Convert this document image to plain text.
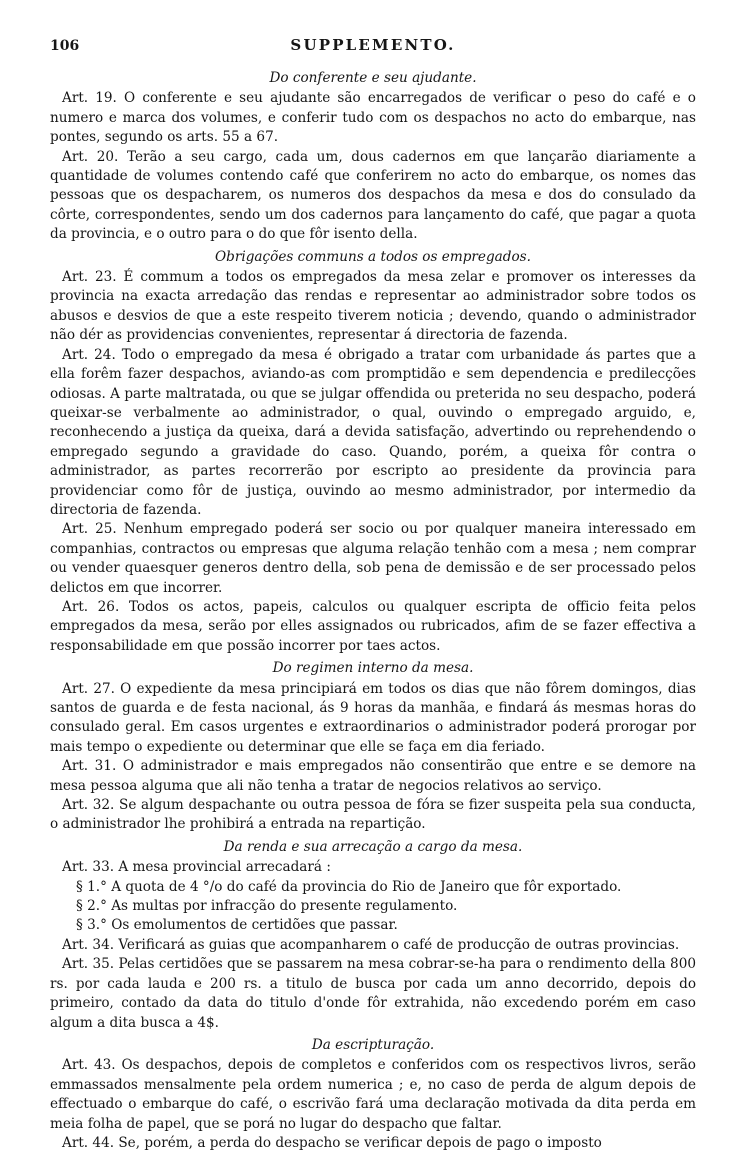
106	SUPPLEMENTO.
Do conferente e seu ajudante.

Art. 19. O conferente e seu ajudante são encarregados de verificar o peso do café e o numero e marca dos volumes, e conferir tudo com os despachos no acto do embarque, nas pontes, segundo os arts. 55 a 67.

Art. 20. Terão a seu cargo, cada um, dous cadernos em que lançarão diariamente a quantidade de volumes contendo café que conferirem no acto do embarque, os nomes das pessoas que os despacharem, os numeros dos despachos da mesa e dos do consulado da côrte, correspondentes, sendo um dos cadernos para lançamento do café, que pagar a quota da provincia, e o outro para o do que fôr isento della.

Obrigações communs a todos os empregados.

Art. 23. É commum a todos os empregados da mesa zelar e promover os interesses da provincia na exacta arredação das rendas e representar ao administrador sobre todos os abusos e desvios de que a este respeito tiverem noticia ; devendo, quando o administrador não dér as providencias convenientes, representar á directoria de fazenda.

Art. 24. Todo o empregado da mesa é obrigado a tratar com urbanidade ás partes que a ella forêm fazer despachos, aviando-as com promptidão e sem dependencia e predilecções odiosas. A parte maltratada, ou que se julgar offendida ou preterida no seu despacho, poderá queixar-se verbalmente ao administrador, o qual, ouvindo o empregado arguido, e, reconhecendo a justiça da queixa, dará a devida satisfação, advertindo ou reprehendendo o empregado segundo a gravidade do caso. Quando, porém, a queixa fôr contra o administrador, as partes recorrerão por escripto ao presidente da provincia para providenciar como fôr de justiça, ouvindo ao mesmo administrador, por intermedio da directoria de fazenda.

Art. 25. Nenhum empregado poderá ser socio ou por qualquer maneira interessado em companhias, contractos ou empresas que alguma relação tenhão com a mesa ; nem comprar ou vender quaesquer generos dentro della, sob pena de demissão e de ser processado pelos delictos em que incorrer.

Art. 26. Todos os actos, papeis, calculos ou qualquer escripta de officio feita pelos empregados da mesa, serão por elles assignados ou rubricados, afim de se fazer effectiva a responsabilidade em que possão incorrer por taes actos.

Do regimen interno da mesa.

Art. 27. O expediente da mesa principiará em todos os dias que não fôrem domingos, dias santos de guarda e de festa nacional, ás 9 horas da manhãa, e findará ás mesmas horas do consulado geral. Em casos urgentes e extraordinarios o administrador poderá prorogar por mais tempo o expediente ou determinar que elle se faça em dia feriado.

Art. 31. O administrador e mais empregados não consentirão que entre e se demore na mesa pessoa alguma que ali não tenha a tratar de negocios relativos ao serviço.

Art. 32. Se algum despachante ou outra pessoa de fóra se fizer suspeita pela sua conducta, o administrador lhe prohibirá a entrada na repartição.

Da renda e sua arrecação a cargo da mesa.

Art. 33. A mesa provincial arrecadará :

§ 1.° A quota de 4 °/o do café da provincia do Rio de Janeiro que fôr exportado.

§ 2.° As multas por infracção do presente regulamento.

§ 3.° Os emolumentos de certidões que passar.

Art. 34. Verificará as guias que acompanharem o café de producção de outras provincias.

Art. 35. Pelas certidões que se passarem na mesa cobrar-se-ha para o rendimento della 800 rs. por cada lauda e 200 rs. a titulo de busca por cada um anno decorrido, depois do primeiro, contado da data do titulo d'onde fôr extrahida, não excedendo porém em caso algum a dita busca a 4$.

Da escripturação.

Art. 43. Os despachos, depois de completos e conferidos com os respectivos livros, serão emmassados mensalmente pela ordem numerica ; e, no caso de perda de algum depois de effectuado o embarque do café, o escrivão fará uma declaração motivada da dita perda em meia folha de papel, que se porá no lugar do despacho que faltar.

Art. 44. Se, porém, a perda do despacho se verificar depois de pago o imposto
